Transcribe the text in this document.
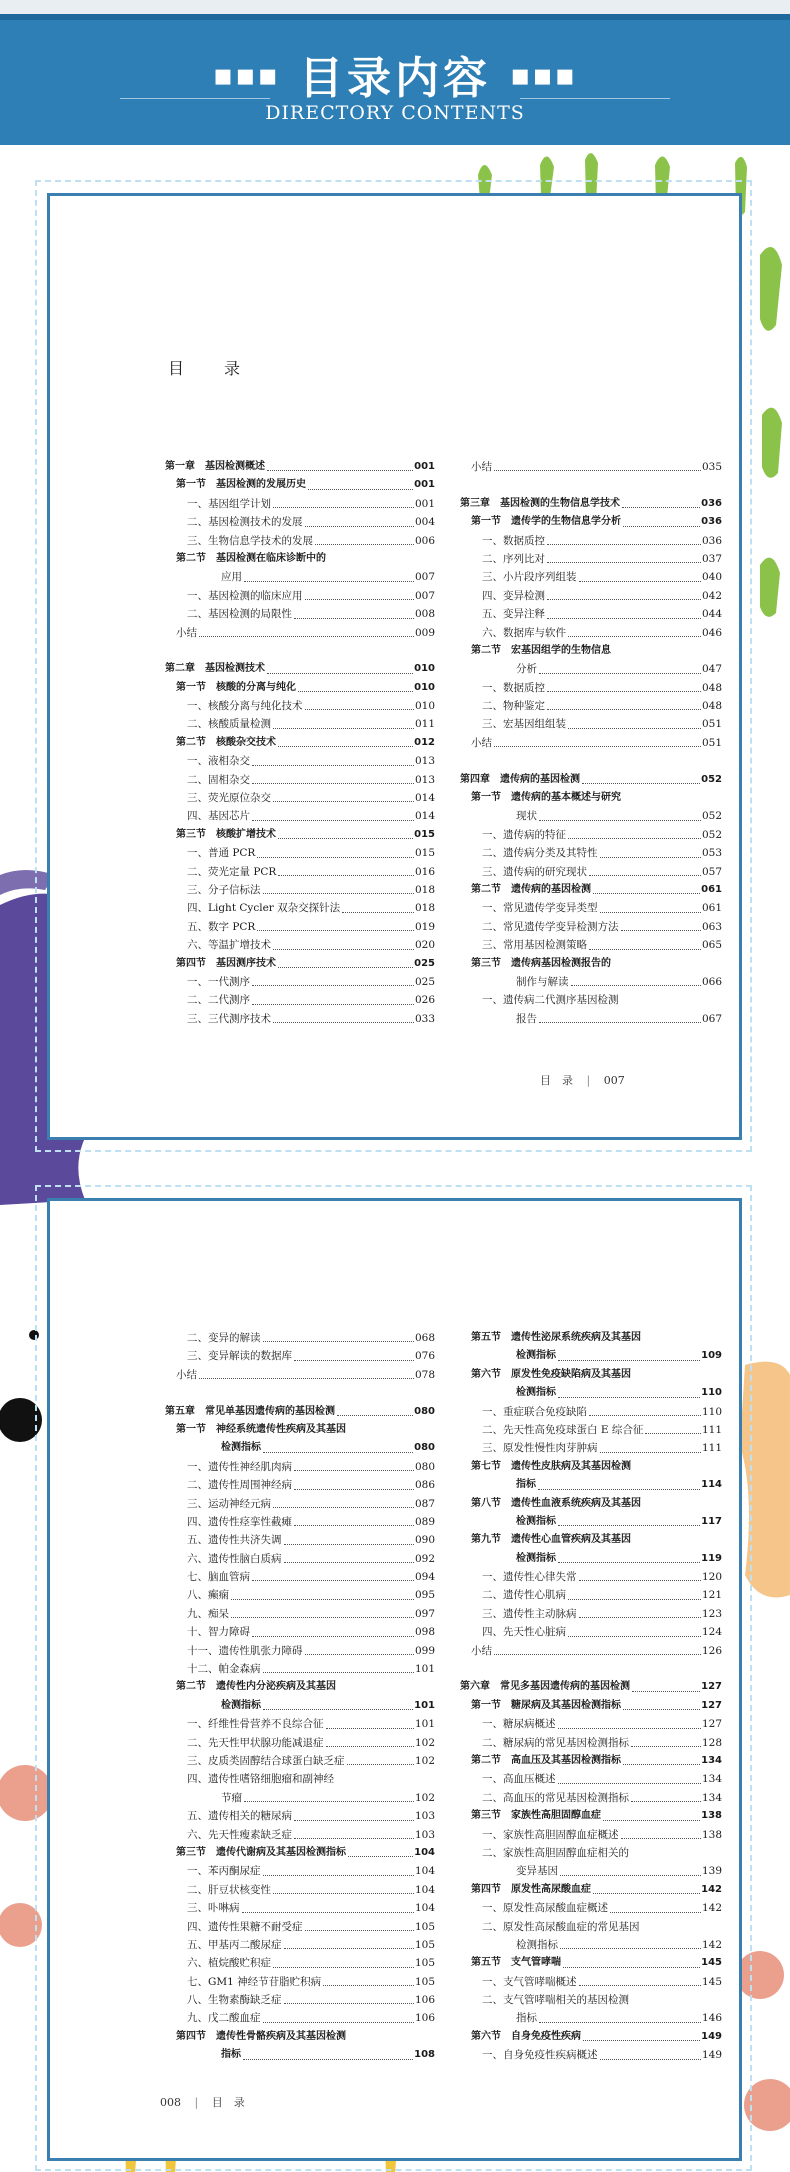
▪▪▪ 目录内容 ▪▪▪
DIRECTORY CONTENTS
目　录
第一章　基因检测概述	001
第一节　基因检测的发展历史	001
一、基因组学计划	001
二、基因检测技术的发展	004
三、生物信息学技术的发展	006
第二节　基因检测在临床诊断中的
应用	007
一、基因检测的临床应用	007
二、基因检测的局限性	008
小结	009
第二章　基因检测技术	010
第一节　核酸的分离与纯化	010
一、核酸分离与纯化技术	010
二、核酸质量检测	011
第二节　核酸杂交技术	012
一、液相杂交	013
二、固相杂交	013
三、荧光原位杂交	014
四、基因芯片	014
第三节　核酸扩增技术	015
一、普通 PCR	015
二、荧光定量 PCR	016
三、分子信标法	018
四、Light Cycler 双杂交探针法	018
五、数字 PCR	019
六、等温扩增技术	020
第四节　基因测序技术	025
一、一代测序	025
二、二代测序	026
三、三代测序技术	033
小结	035
第三章　基因检测的生物信息学技术	036
第一节　遗传学的生物信息学分析	036
一、数据质控	036
二、序列比对	037
三、小片段序列组装	040
四、变异检测	042
五、变异注释	044
六、数据库与软件	046
第二节　宏基因组学的生物信息
分析	047
一、数据质控	048
二、物种鉴定	048
三、宏基因组组装	051
小结	051
第四章　遗传病的基因检测	052
第一节　遗传病的基本概述与研究
现状	052
一、遗传病的特征	052
二、遗传病分类及其特性	053
三、遗传病的研究现状	057
第二节　遗传病的基因检测	061
一、常见遗传学变异类型	061
二、常见遗传学变异检测方法	063
三、常用基因检测策略	065
第三节　遗传病基因检测报告的
制作与解读	066
一、遗传病二代测序基因检测
报告	067
目　录 | 007
二、变异的解读	068
三、变异解读的数据库	076
小结	078
第五章　常见单基因遗传病的基因检测	080
第一节　神经系统遗传性疾病及其基因
检测指标	080
一、遗传性神经肌肉病	080
二、遗传性周围神经病	086
三、运动神经元病	087
四、遗传性痉挛性截瘫	089
五、遗传性共济失调	090
六、遗传性脑白质病	092
七、脑血管病	094
八、癫痫	095
九、痴呆	097
十、智力障碍	098
十一、遗传性肌张力障碍	099
十二、帕金森病	101
第二节　遗传性内分泌疾病及其基因
检测指标	101
一、纤维性骨营养不良综合征	101
二、先天性甲状腺功能减退症	102
三、皮质类固醇结合球蛋白缺乏症	102
四、遗传性嗜铬细胞瘤和副神经
节瘤	102
五、遗传相关的糖尿病	103
六、先天性瘦素缺乏症	103
第三节　遗传代谢病及其基因检测指标	104
一、苯丙酮尿症	104
二、肝豆状核变性	104
三、卟啉病	104
四、遗传性果糖不耐受症	105
五、甲基丙二酸尿症	105
六、植烷酸贮积症	105
七、GM1 神经节苷脂贮积病	105
八、生物素酶缺乏症	106
九、戊二酸血症	106
第四节　遗传性骨骼疾病及其基因检测
指标	108
第五节　遗传性泌尿系统疾病及其基因
检测指标	109
第六节　原发性免疫缺陷病及其基因
检测指标	110
一、重症联合免疫缺陷	110
二、先天性高免疫球蛋白 E 综合征	111
三、原发性慢性肉芽肿病	111
第七节　遗传性皮肤病及其基因检测
指标	114
第八节　遗传性血液系统疾病及其基因
检测指标	117
第九节　遗传性心血管疾病及其基因
检测指标	119
一、遗传性心律失常	120
二、遗传性心肌病	121
三、遗传性主动脉病	123
四、先天性心脏病	124
小结	126
第六章　常见多基因遗传病的基因检测	127
第一节　糖尿病及其基因检测指标	127
一、糖尿病概述	127
二、糖尿病的常见基因检测指标	128
第二节　高血压及其基因检测指标	134
一、高血压概述	134
二、高血压的常见基因检测指标	134
第三节　家族性高胆固醇血症	138
一、家族性高胆固醇血症概述	138
二、家族性高胆固醇血症相关的
变异基因	139
第四节　原发性高尿酸血症	142
一、原发性高尿酸血症概述	142
二、原发性高尿酸血症的常见基因
检测指标	142
第五节　支气管哮喘	145
一、支气管哮喘概述	145
二、支气管哮喘相关的基因检测
指标	146
第六节　自身免疫性疾病	149
一、自身免疫性疾病概述	149
008 | 目　录
